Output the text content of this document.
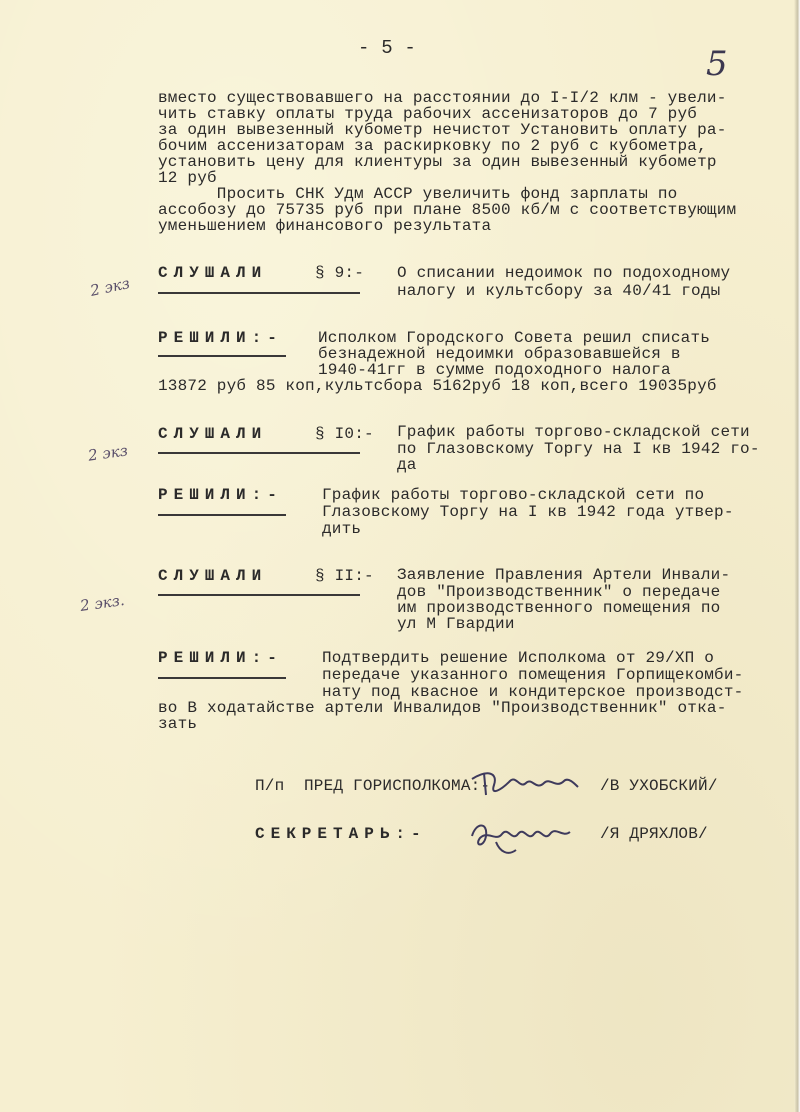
- 5 -	5
вместо существовавшего на расстоянии до I-I/2 клм - увели-
чить ставку оплаты труда рабочих ассенизаторов до 7 руб
за один вывезенный кубометр нечистот Установить оплату ра-
бочим ассенизаторам за раскирковку по 2 руб с кубометра,
установить цену для клиентуры за один вывезенный кубометр
12 руб
Просить СНК Удм АССР увеличить фонд зарплаты по
ассобозу до 75735 руб при плане 8500 кб/м с соответствующим
уменьшением финансового результата
2 экз
СЛУШАЛИ	§ 9:- О списании недоимок по подоходному
налогу и культсбору за 40/41 годы
РЕШИЛИ:- Исполком Городского Совета решил списать
безнадежной недоимки образовавшейся в
1940-41гг в сумме подоходного налога
13872 руб 85 коп,культсбора 5162руб 18 коп,всего 19035руб
2 экз
СЛУШАЛИ	§ I0:- График работы торгово-складской сети
по Глазовскому Торгу на I кв 1942 го-
да
РЕШИЛИ:- График работы торгово-складской сети по
Глазовскому Торгу на I кв 1942 года утвер-
дить
2 экз.
СЛУШАЛИ	§ II:- Заявление Правления Артели Инвали-
дов "Производственник" о передаче
им производственного помещения по
ул М Гвардии
РЕШИЛИ:- Подтвердить решение Исполкома от 29/XП о
передаче указанного помещения Горпищекомби-
нату под квасное и кондитерское производст-
во В ходатайстве артели Инвалидов "Производственник" отка-
зать
П/п  ПРЕД ГОРИСПОЛКОМА:-	/В УХОБСКИЙ/
СЕКРЕТАРЬ:-	/Я ДРЯХЛОВ/
